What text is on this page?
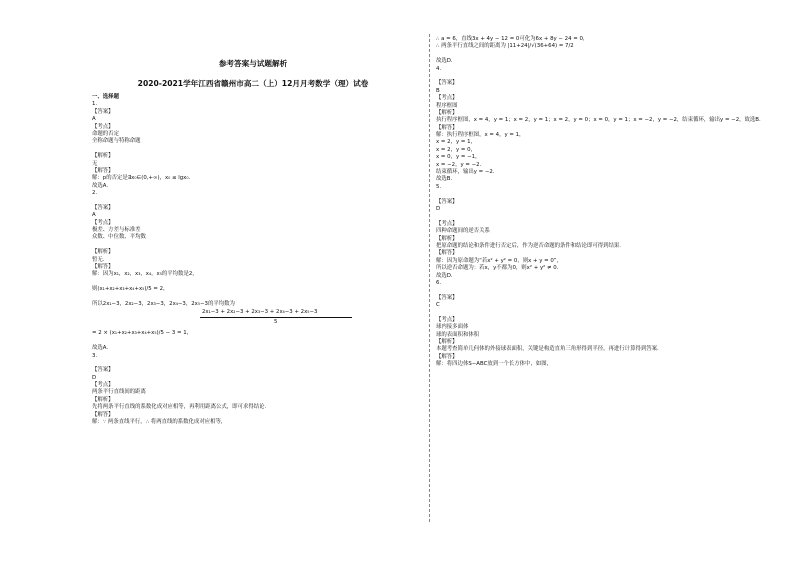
参考答案与试题解析
2020-2021学年江西省赣州市高二（上）12月月考数学（理）试卷
一、选择题
1.
【答案】
A
【考点】
命题的否定
全称命题与特称命题
【解析】
无
【解答】
解：p的否定是∃x₀∈(0,+∞)，x₀ ≤ lgx₀.
故选A.
2.
【答案】
A
【考点】
极差、方差与标准差
众数、中位数、平均数
【解析】
暂无.
【解答】
解：因为x₁，x₂，x₃，x₄，x₅的平均数是2，
则(x₁+x₂+x₃+x₄+x₅)/5 = 2，
所以2x₁−3，2x₂−3，2x₃−3，2x₄−3，2x₅−3的平均数为
2x₁−3 + 2x₂−3 + 2x₃−3 + 2x₄−3 + 2x₅−3
5
= 2 × (x₁+x₂+x₃+x₄+x₅)/5 − 3 = 1，
故选A.
3.
【答案】
D
【考点】
两条平行直线间的距离
【解析】
先将两条平行直线的系数化成对应相等，再利用距离公式，即可求得结论.
【解答】
解：∵ 两条直线平行，∴ 将两直线的系数化成对应相等，
∴ a = 6，直线3x + 4y − 12 = 0可化为6x + 8y − 24 = 0，
∴ 两条平行直线之间的距离为 |11+24|/√(36+64) = 7/2
故选D.
4.
【答案】
B
【考点】
程序框图
【解析】
执行程序框图，x = 4，y = 1；x = 2，y = 1；x = 2，y = 0；x = 0，y = 1；x = −2，y = −2，结束循环，输出y = −2，故选B.
【解答】
解：执行程序框图，x = 4，y = 1，
x = 2，y = 1，
x = 2，y = 0，
x = 0，y = −1，
x = −2，y = −2.
结束循环，输出y = −2.
故选B.
5.
【答案】
D
【考点】
四种命题间的逆否关系
【解析】
把原命题的结论和条件进行否定后，作为逆否命题的条件和结论即可得到结果.
【解答】
解：因为原命题为“若x² + y² = 0，则x + y = 0”，
所以逆否命题为：若x，y不都为0，则x² + y² ≠ 0.
故选D.
6.
【答案】
C
【考点】
球内接多面体
球的表面积和体积
【解析】
本题考查简单几何体的外接球表面积，关键是构造直角三角形得到半径，再进行计算得到答案.
【解答】
解：将四边体S−ABC放到一个长方体中，如图，
